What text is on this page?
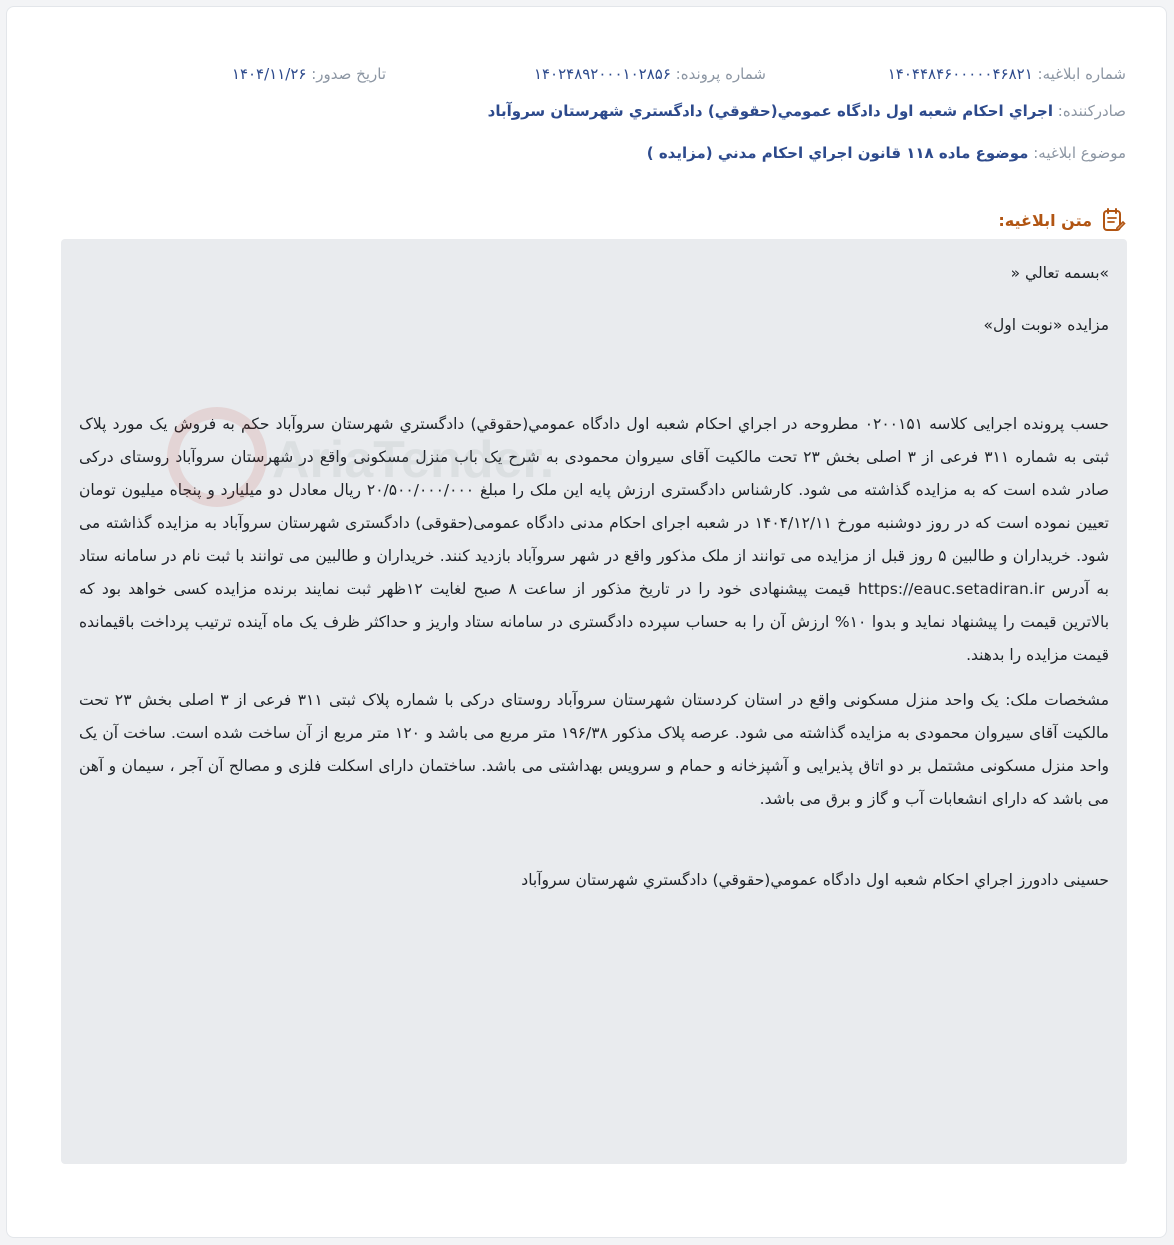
شماره ابلاغیه: ۱۴۰۴۴۸۴۶۰۰۰۰۰۴۶۸۲۱
شماره پرونده: ۱۴۰۲۴۸۹۲۰۰۰۱۰۲۸۵۶
تاریخ صدور: ۱۴۰۴/۱۱/۲۶
صادرکننده: اجراي احكام شعبه اول دادگاه عمومي(حقوقي) دادگستري شهرستان سروآباد
موضوع ابلاغیه: موضوع ماده ۱۱۸ قانون اجراي احكام مدني (مزایده )
متن ابلاغیه:

»بسمه تعالي «

مزایده «نوبت اول»

حسب پرونده اجرایی کلاسه ۰۲۰۰۱۵۱ مطروحه در اجراي احكام شعبه اول دادگاه عمومي(حقوقي) دادگستري شهرستان سروآباد حکم به فروش یک مورد پلاک ثبتی به شماره ۳۱۱ فرعی از ۳ اصلی بخش ۲۳ تحت مالکیت آقای سیروان محمودی به شرح یک باب منزل مسکونی واقع در شهرستان سروآباد روستای درکی صادر شده است که به مزایده گذاشته می شود. کارشناس دادگستری ارزش پایه این ملک را مبلغ ۲۰/۵۰۰/۰۰۰/۰۰۰ ریال معادل دو میلیارد و پنجاه میلیون تومان تعیین نموده است که در روز دوشنبه مورخ ۱۴۰۴/۱۲/۱۱ در شعبه اجرای احکام مدنی دادگاه عمومی(حقوقی) دادگستری شهرستان سروآباد به مزایده گذاشته می شود. خریداران و طالبین ۵ روز قبل از مزایده می توانند از ملک مذکور واقع در شهر سروآباد بازدید کنند. خریداران و طالبین می توانند با ثبت نام در سامانه ستاد به آدرس https://eauc.setadiran.ir قیمت پیشنهادی خود را در تاریخ مذکور از ساعت ۸ صبح لغایت ۱۲ظهر ثبت نمایند برنده مزایده کسی خواهد بود که بالاترین قیمت را پیشنهاد نماید و بدوا ۱۰% ارزش آن را به حساب سپرده دادگستری در سامانه ستاد واریز و حداکثر ظرف یک ماه آینده ترتیب پرداخت باقیمانده قیمت مزایده را بدهند.

مشخصات ملک: یک واحد منزل مسکونی واقع در استان کردستان شهرستان سروآباد روستای درکی با شماره پلاک ثبتی ۳۱۱ فرعی از ۳ اصلی بخش ۲۳ تحت مالکیت آقای سیروان محمودی به مزایده گذاشته می شود. عرصه پلاک مذکور ۱۹۶/۳۸ متر مربع می باشد و ۱۲۰ متر مربع از آن ساخت شده است. ساخت آن یک واحد منزل مسکونی مشتمل بر دو اتاق پذیرایی و آشپزخانه و حمام و سرویس بهداشتی می باشد. ساختمان دارای اسکلت فلزی و مصالح آن آجر ، سیمان و آهن می باشد که دارای انشعابات آب و گاز و برق می باشد.

حسینی دادورز اجراي احكام شعبه اول دادگاه عمومي(حقوقي) دادگستري شهرستان سروآباد
